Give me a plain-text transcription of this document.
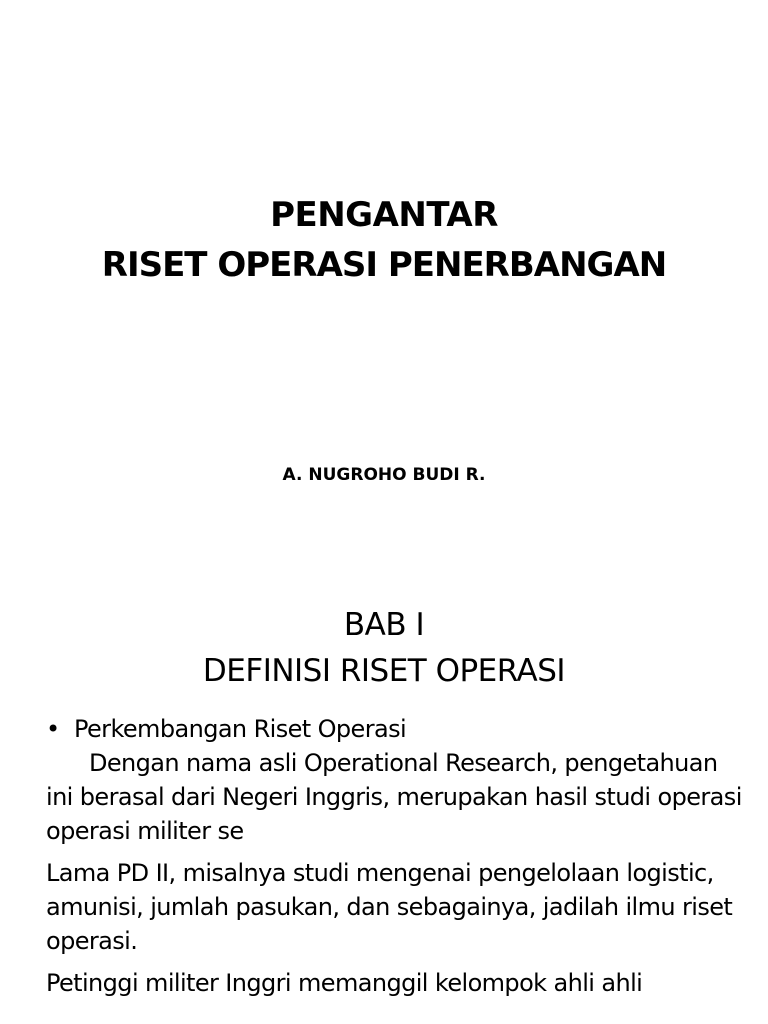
PENGANTAR
RISET OPERASI PENERBANGAN
A. NUGROHO BUDI R.
BAB I
DEFINISI RISET OPERASI
• Perkembangan Riset Operasi

Dengan nama asli Operational Research, pengetahuan ini berasal dari Negeri Inggris, merupakan hasil studi operasi operasi militer se

Lama PD II, misalnya studi mengenai pengelolaan logistic, amunisi, jumlah pasukan, dan sebagainya, jadilah ilmu riset operasi.

Petinggi militer Inggri memanggil kelompok ahli ahli
